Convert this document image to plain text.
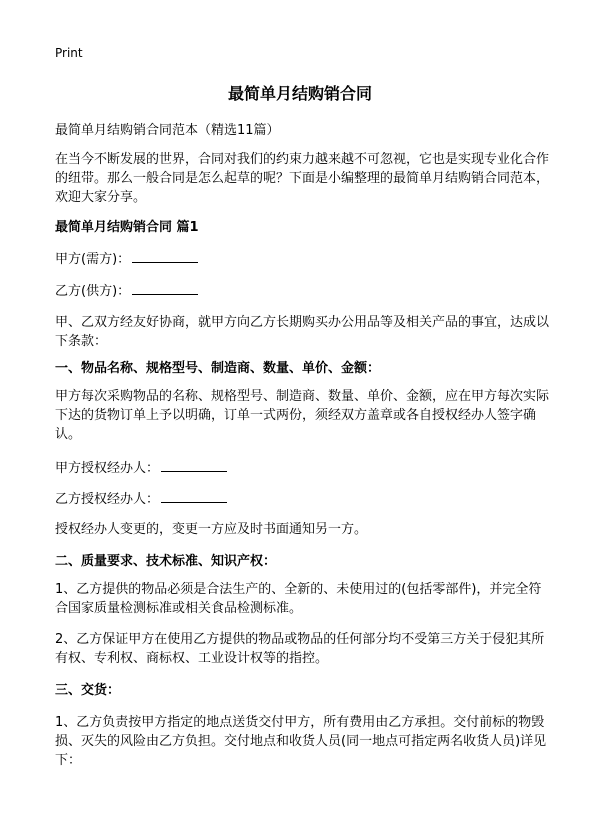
Print
最简单月结购销合同

最简单月结购销合同范本（精选11篇）

在当今不断发展的世界，合同对我们的约束力越来越不可忽视，它也是实现专业化合作的纽带。那么一般合同是怎么起草的呢？下面是小编整理的最简单月结购销合同范本，欢迎大家分享。

最简单月结购销合同 篇1

甲方(需方)：
乙方(供方)：

甲、乙双方经友好协商，就甲方向乙方长期购买办公用品等及相关产品的事宜，达成以下条款：

一、物品名称、规格型号、制造商、数量、单价、金额：

甲方每次采购物品的名称、规格型号、制造商、数量、单价、金额，应在甲方每次实际下达的货物订单上予以明确，订单一式两份，须经双方盖章或各自授权经办人签字确认。

甲方授权经办人：
乙方授权经办人：

授权经办人变更的，变更一方应及时书面通知另一方。

二、质量要求、技术标准、知识产权：

1、乙方提供的物品必须是合法生产的、全新的、未使用过的(包括零部件)，并完全符合国家质量检测标准或相关食品检测标准。

2、乙方保证甲方在使用乙方提供的物品或物品的任何部分均不受第三方关于侵犯其所有权、专利权、商标权、工业设计权等的指控。

三、交货：

1、乙方负责按甲方指定的地点送货交付甲方，所有费用由乙方承担。交付前标的物毁损、灭失的风险由乙方负担。交付地点和收货人员(同一地点可指定两名收货人员)详见下：
